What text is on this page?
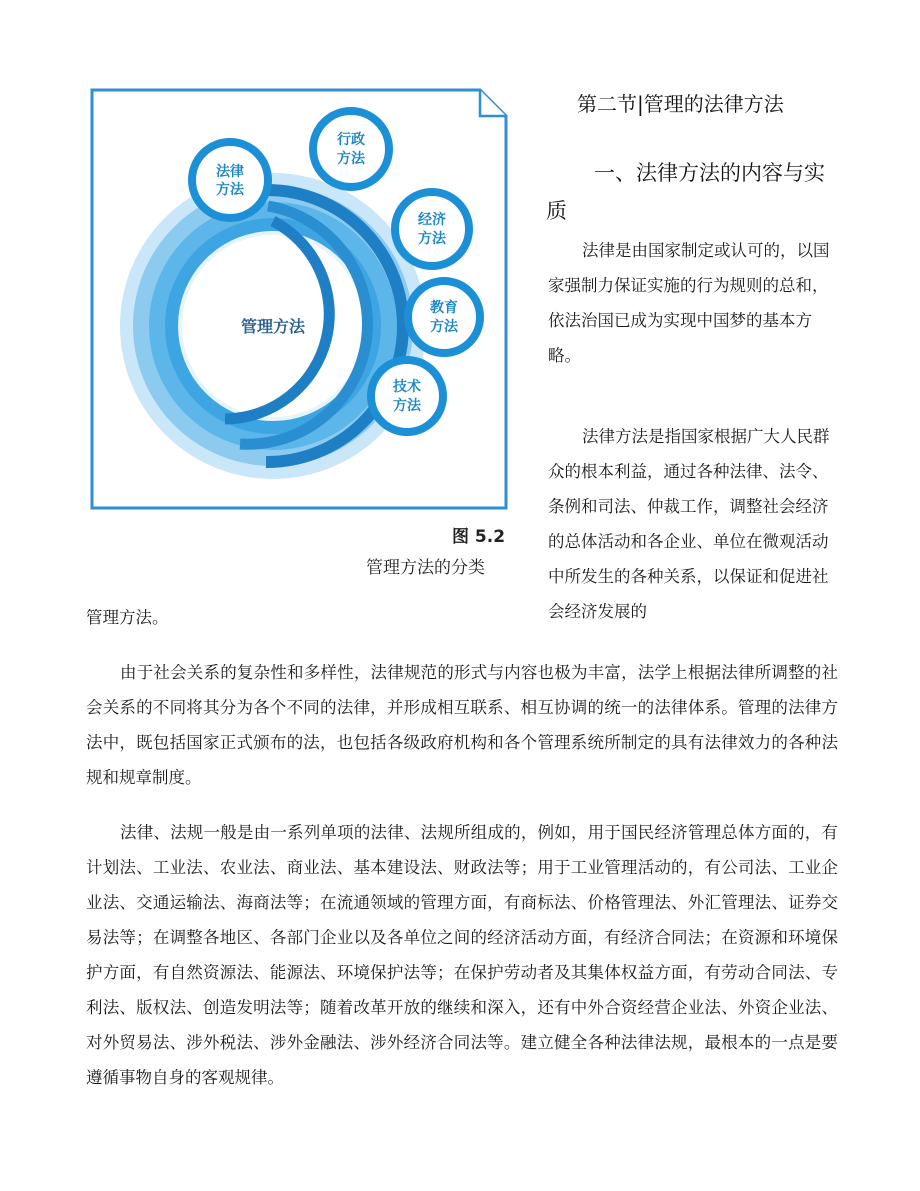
管理方法
法律
方法
行政
方法
经济
方法
教育
方法
技术
方法
图 5.2
管理方法的分类
第二节|管理的法律方法
一、法律方法的内容与实质
法律是由国家制定或认可的，以国家强制力保证实施的行为规则的总和，依法治国已成为实现中国梦的基本方略。
法律方法是指国家根据广大人民群众的根本利益，通过各种法律、法令、条例和司法、仲裁工作，调整社会经济的总体活动和各企业、单位在微观活动中所发生的各种关系，以保证和促进社会经济发展的
管理方法。
由于社会关系的复杂性和多样性，法律规范的形式与内容也极为丰富，法学上根据法律所调整的社会关系的不同将其分为各个不同的法律，并形成相互联系、相互协调的统一的法律体系。管理的法律方法中，既包括国家正式颁布的法，也包括各级政府机构和各个管理系统所制定的具有法律效力的各种法规和规章制度。
法律、法规一般是由一系列单项的法律、法规所组成的，例如，用于国民经济管理总体方面的，有计划法、工业法、农业法、商业法、基本建设法、财政法等；用于工业管理活动的，有公司法、工业企业法、交通运输法、海商法等；在流通领域的管理方面，有商标法、价格管理法、外汇管理法、证券交易法等；在调整各地区、各部门企业以及各单位之间的经济活动方面，有经济合同法；在资源和环境保护方面，有自然资源法、能源法、环境保护法等；在保护劳动者及其集体权益方面，有劳动合同法、专利法、版权法、创造发明法等；随着改革开放的继续和深入，还有中外合资经营企业法、外资企业法、对外贸易法、涉外税法、涉外金融法、涉外经济合同法等。建立健全各种法律法规，最根本的一点是要遵循事物自身的客观规律。
